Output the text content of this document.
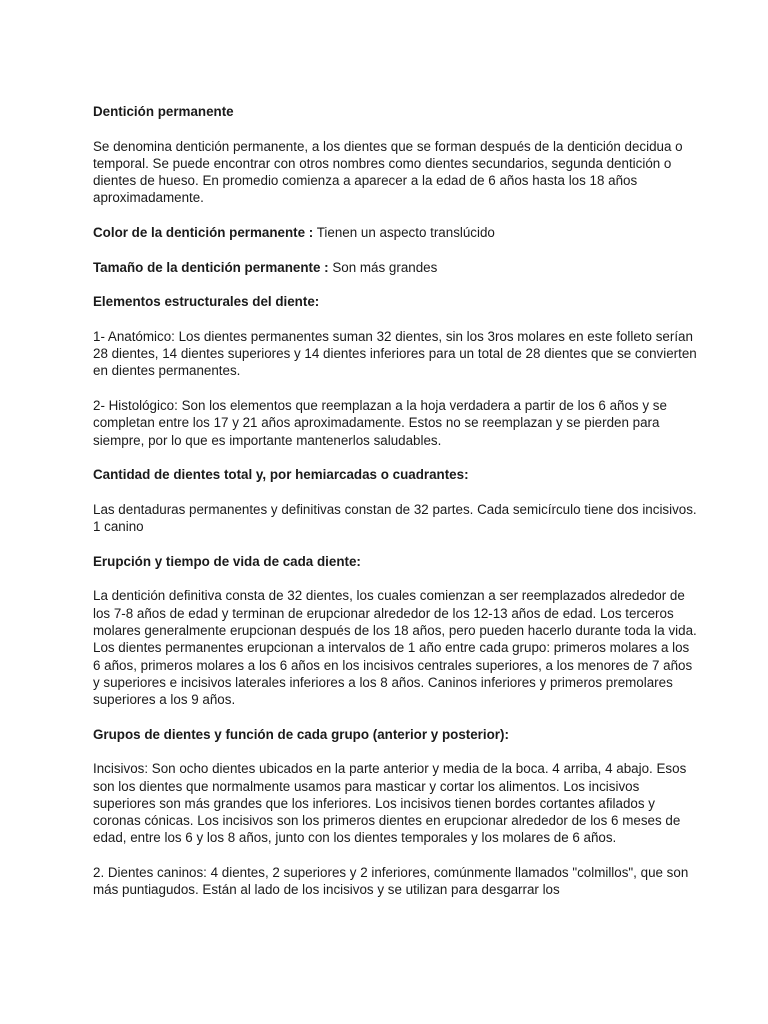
Dentición permanente

Se denomina dentición permanente, a los dientes que se forman después de la dentición decidua o temporal. Se puede encontrar con otros nombres como dientes secundarios, segunda dentición o dientes de hueso. En promedio comienza a aparecer a la edad de 6 años hasta los 18 años aproximadamente.

Color de la dentición permanente : Tienen un aspecto translúcido

Tamaño de la dentición permanente : Son más grandes

Elementos estructurales del diente:

1- Anatómico: Los dientes permanentes suman 32 dientes, sin los 3ros molares en este folleto serían 28 dientes, 14 dientes superiores y 14 dientes inferiores para un total de 28 dientes que se convierten en dientes permanentes.

2- Histológico: Son los elementos que reemplazan a la hoja verdadera a partir de los 6 años y se completan entre los 17 y 21 años aproximadamente. Estos no se reemplazan y se pierden para siempre, por lo que es importante mantenerlos saludables.

Cantidad de dientes total y, por hemiarcadas o cuadrantes:

Las dentaduras permanentes y definitivas constan de 32 partes. Cada semicírculo tiene dos incisivos. 1 canino

Erupción y tiempo de vida de cada diente:

La dentición definitiva consta de 32 dientes, los cuales comienzan a ser reemplazados alrededor de los 7-8 años de edad y terminan de erupcionar alrededor de los 12-13 años de edad. Los terceros molares generalmente erupcionan después de los 18 años, pero pueden hacerlo durante toda la vida. Los dientes permanentes erupcionan a intervalos de 1 año entre cada grupo: primeros molares a los 6 años, primeros molares a los 6 años en los incisivos centrales superiores, a los menores de 7 años y superiores e incisivos laterales inferiores a los 8 años. Caninos inferiores y primeros premolares superiores a los 9 años.

Grupos de dientes y función de cada grupo (anterior y posterior):

Incisivos: Son ocho dientes ubicados en la parte anterior y media de la boca. 4 arriba, 4 abajo. Esos son los dientes que normalmente usamos para masticar y cortar los alimentos. Los incisivos superiores son más grandes que los inferiores. Los incisivos tienen bordes cortantes afilados y coronas cónicas. Los incisivos son los primeros dientes en erupcionar alrededor de los 6 meses de edad, entre los 6 y los 8 años, junto con los dientes temporales y los molares de 6 años.

2. Dientes caninos: 4 dientes, 2 superiores y 2 inferiores, comúnmente llamados "colmillos", que son más puntiagudos. Están al lado de los incisivos y se utilizan para desgarrar los
